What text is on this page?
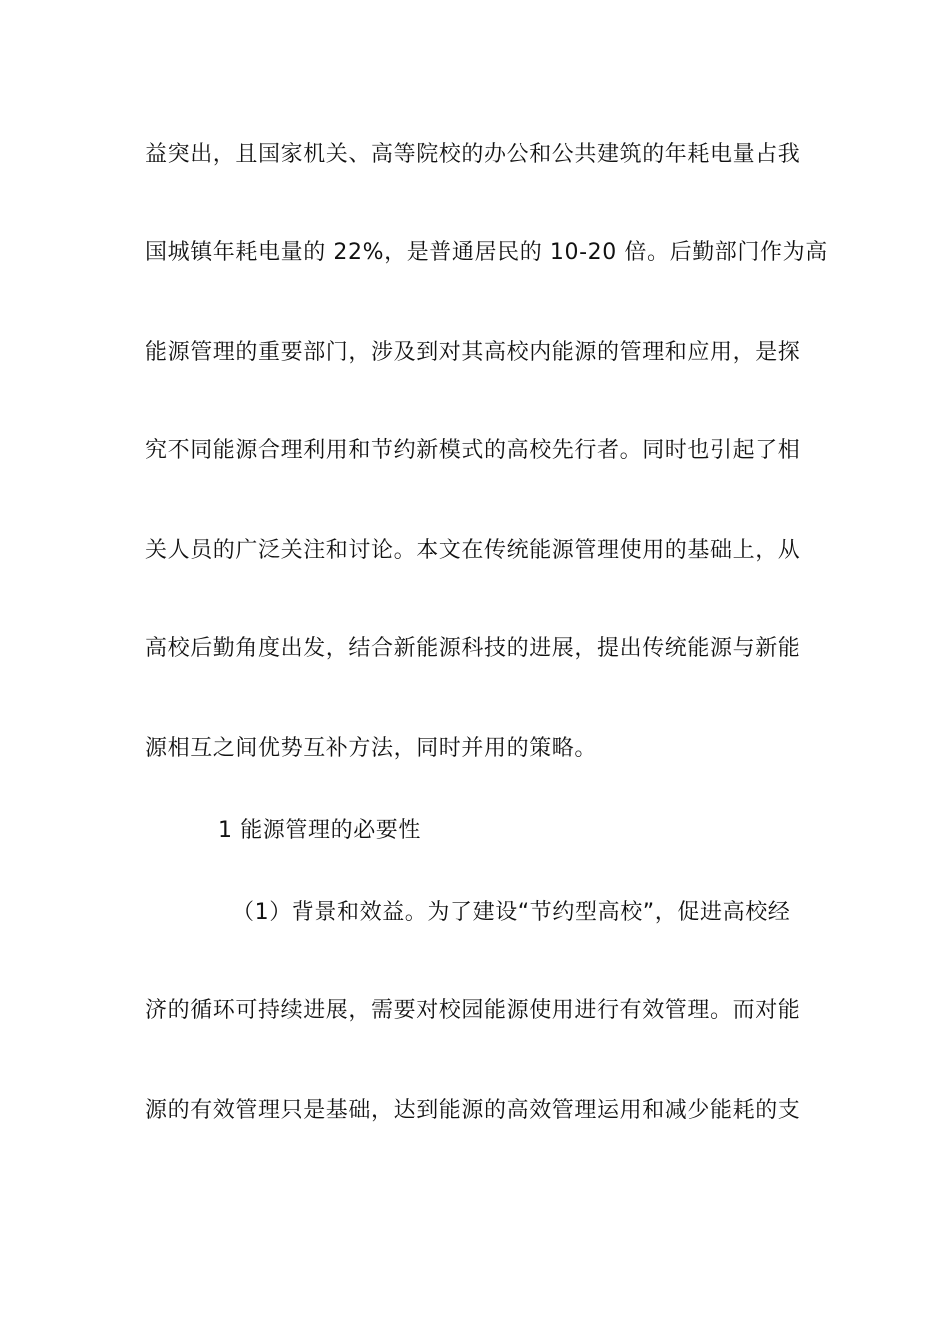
益突出，且国家机关、高等院校的办公和公共建筑的年耗电量占我
国城镇年耗电量的 22%，是普通居民的 10-20 倍。后勤部门作为高
能源管理的重要部门，涉及到对其高校内能源的管理和应用，是探
究不同能源合理利用和节约新模式的高校先行者。同时也引起了相
关人员的广泛关注和讨论。本文在传统能源管理使用的基础上，从
高校后勤角度出发，结合新能源科技的进展，提出传统能源与新能
源相互之间优势互补方法，同时并用的策略。
1 能源管理的必要性
（1）背景和效益。为了建设“节约型高校”，促进高校经
济的循环可持续进展，需要对校园能源使用进行有效管理。而对能
源的有效管理只是基础，达到能源的高效管理运用和减少能耗的支
